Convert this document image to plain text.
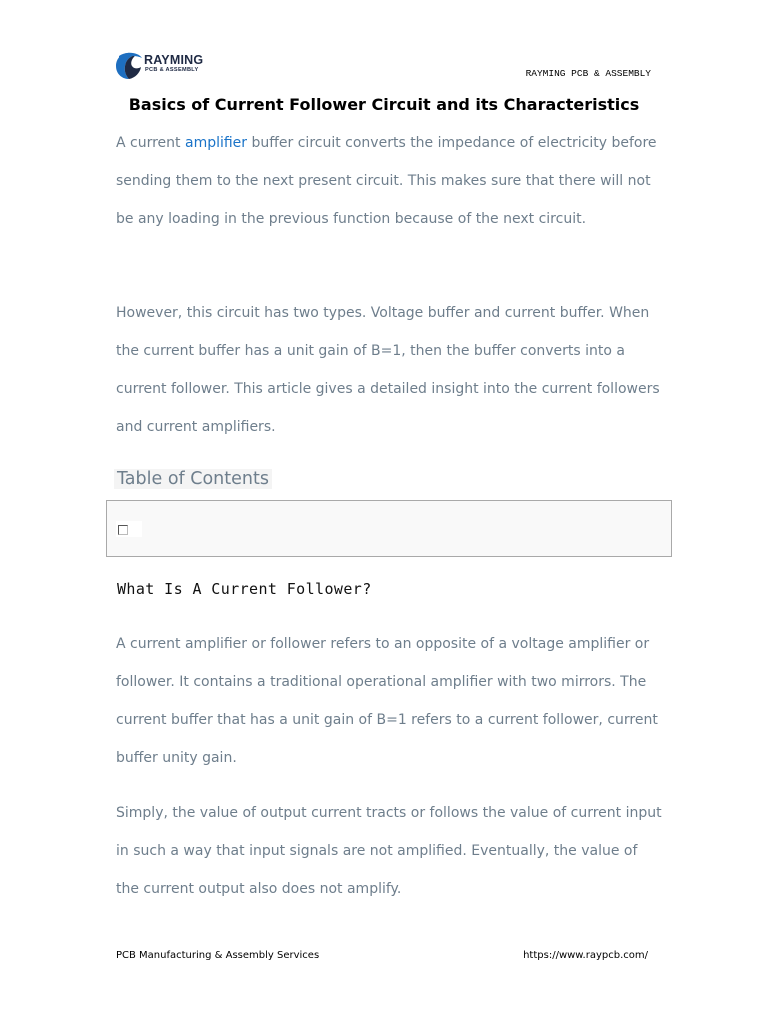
RAYMING
PCB & ASSEMBLY	RAYMING PCB & ASSEMBLY
Basics of Current Follower Circuit and its Characteristics

A current amplifier buffer circuit converts the impedance of electricity before sending them to the next present circuit. This makes sure that there will not be any loading in the previous function because of the next circuit.

However, this circuit has two types. Voltage buffer and current buffer. When the current buffer has a unit gain of B=1, then the buffer converts into a current follower. This article gives a detailed insight into the current followers and current amplifiers.

Table of Contents
What Is A Current Follower?

A current amplifier or follower refers to an opposite of a voltage amplifier or follower. It contains a traditional operational amplifier with two mirrors. The current buffer that has a unit gain of B=1 refers to a current follower, current buffer unity gain.

Simply, the value of output current tracts or follows the value of current input in such a way that input signals are not amplified. Eventually, the value of the current output also does not amplify.

PCB Manufacturing & Assembly Services	https://www.raypcb.com/
